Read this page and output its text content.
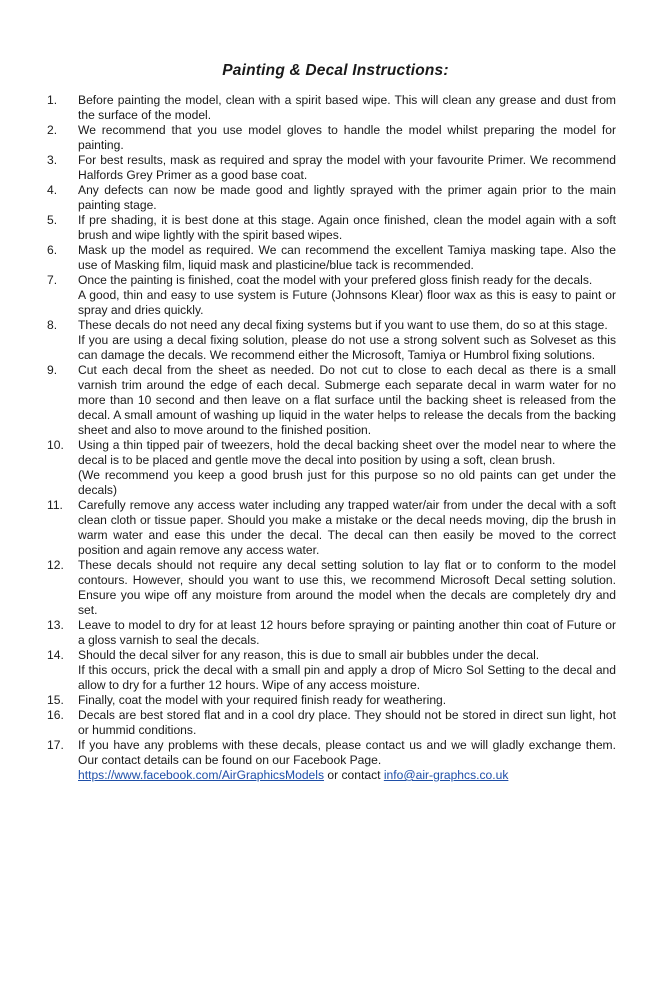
Painting & Decal Instructions:
1. Before painting the model, clean with a spirit based wipe. This will clean any grease and dust from the surface of the model.
2. We recommend that you use model gloves to handle the model whilst preparing the model for painting.
3. For best results, mask as required and spray the model with your favourite Primer. We recommend Halfords Grey Primer as a good base coat.
4. Any defects can now be made good and lightly sprayed with the primer again prior to the main painting stage.
5. If pre shading, it is best done at this stage. Again once finished, clean the model again with a soft brush and wipe lightly with the spirit based wipes.
6. Mask up the model as required. We can recommend the excellent Tamiya masking tape. Also the use of Masking film, liquid mask and plasticine/blue tack is recommended.
7. Once the painting is finished, coat the model with your prefered gloss finish ready for the decals.
A good, thin and easy to use system is Future (Johnsons Klear) floor wax as this is easy to paint or spray and dries quickly.
8. These decals do not need any decal fixing systems but if you want to use them, do so at this stage.
If you are using a decal fixing solution, please do not use a strong solvent such as Solveset as this can damage the decals. We recommend either the Microsoft, Tamiya or Humbrol fixing solutions.
9. Cut each decal from the sheet as needed. Do not cut to close to each decal as there is a small varnish trim around the edge of each decal. Submerge each separate decal in warm water for no more than 10 second and then leave on a flat surface until the backing sheet is released from the decal. A small amount of washing up liquid in the water helps to release the decals from the backing sheet and also to move around to the finished position.
10. Using a thin tipped pair of tweezers, hold the decal backing sheet over the model near to where the decal is to be placed and gentle move the decal into position by using a soft, clean brush.
(We recommend you keep a good brush just for this purpose so no old paints can get under the decals)
11. Carefully remove any access water including any trapped water/air from under the decal with a soft clean cloth or tissue paper. Should you make a mistake or the decal needs moving, dip the brush in warm water and ease this under the decal. The decal can then easily be moved to the correct position and again remove any access water.
12. These decals should not require any decal setting solution to lay flat or to conform to the model contours. However, should you want to use this, we recommend Microsoft Decal setting solution. Ensure you wipe off any moisture from around the model when the decals are completely dry and set.
13. Leave to model to dry for at least 12 hours before spraying or painting another thin coat of Future or a gloss varnish to seal the decals.
14. Should the decal silver for any reason, this is due to small air bubbles under the decal.
If this occurs, prick the decal with a small pin and apply a drop of Micro Sol Setting to the decal and allow to dry for a further 12 hours. Wipe of any access moisture.
15. Finally, coat the model with your required finish ready for weathering.
16. Decals are best stored flat and in a cool dry place. They should not be stored in direct sun light, hot or hummid conditions.
17. If you have any problems with these decals, please contact us and we will gladly exchange them. Our contact details can be found on our Facebook Page.
https://www.facebook.com/AirGraphicsModels or contact info@air-graphcs.co.uk
